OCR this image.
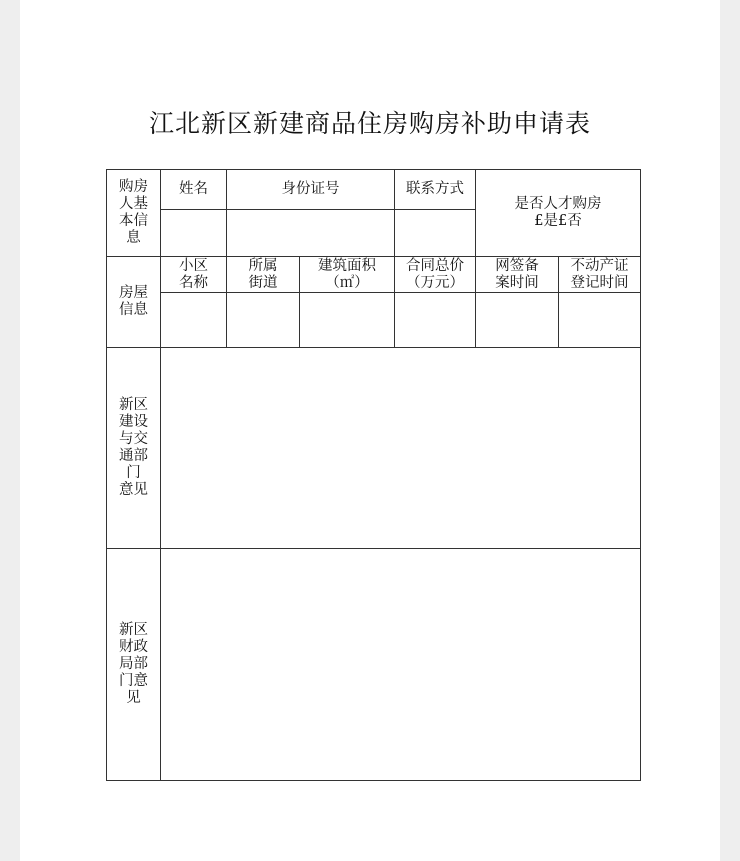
江北新区新建商品住房购房补助申请表
购房
人基
本信
息
姓名	身份证号	联系方式
是否人才购房
£是£否
房屋
信息
小区
名称
所属
街道
建筑面积
（㎡）
合同总价
（万元）
网签备
案时间
不动产证
登记时间
新区
建设
与交
通部
门
意见
新区
财政
局部
门意
见
